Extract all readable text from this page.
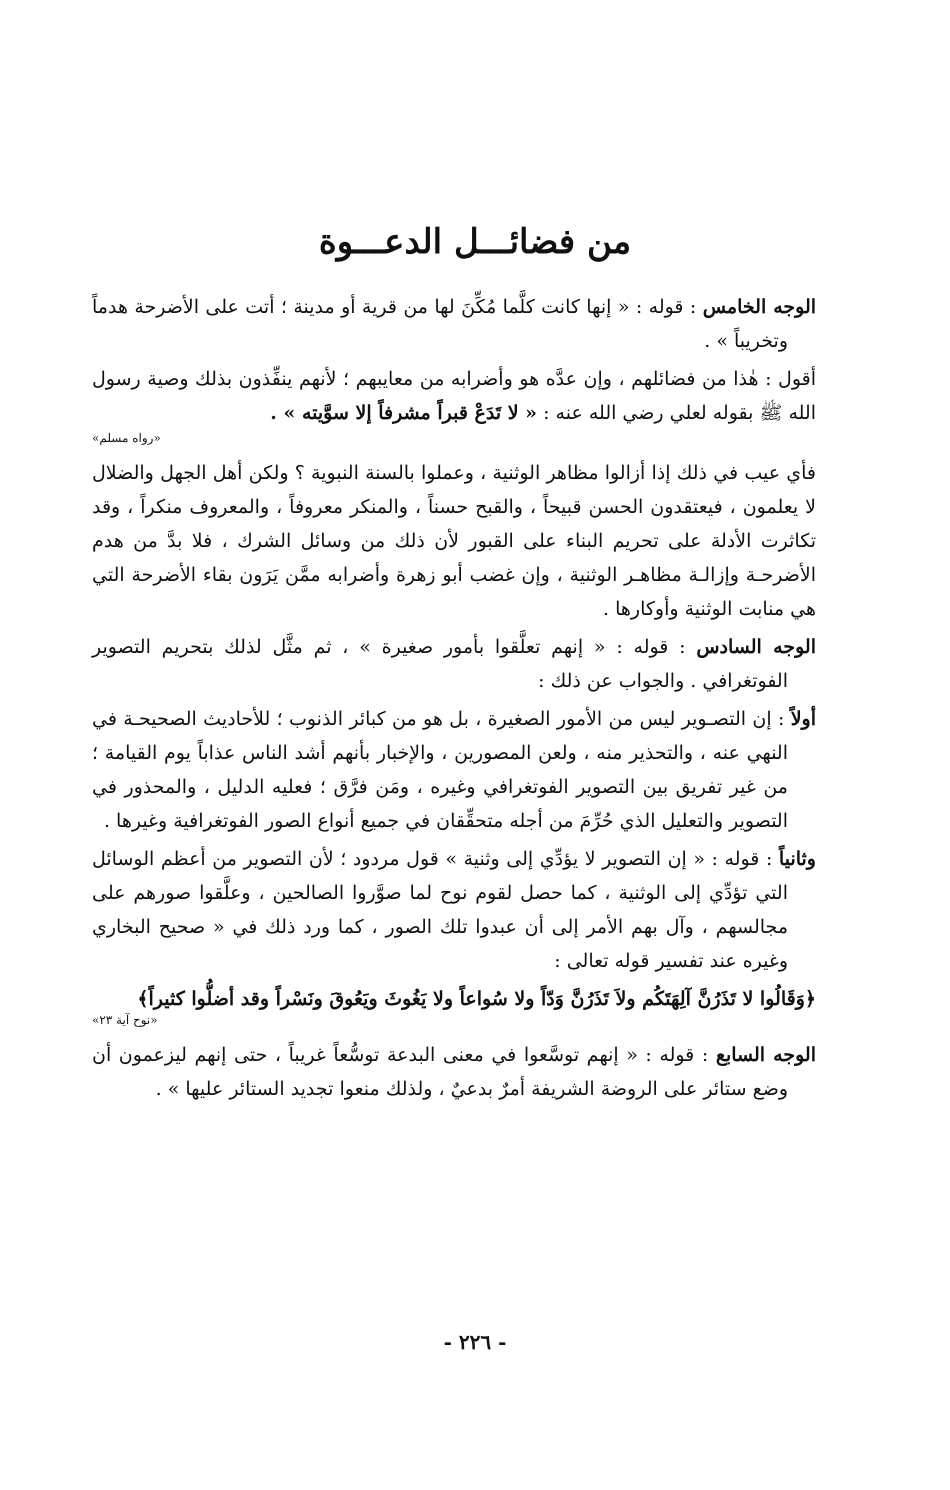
من فضائـــل الدعـــوة

الوجه الخامس : قوله : « إنها كانت كلَّما مُكِّنَ لها من قرية أو مدينة ؛ أتت على الأضرحة هدماً وتخريباً » .

أقول : هٰذا من فضائلهم ، وإن عدَّه هو وأضرابه من معايبهم ؛ لأنهم ينفِّذون بذلك وصية رسول الله ﷺ بقوله لعلي رضي الله عنه : « لا تَدَعْ قبراً مشرفاً إلا سوَّيته » .

«رواه مسلم»

فأي عيب في ذلك إذا أزالوا مظاهر الوثنية ، وعملوا بالسنة النبوية ؟ ولكن أهل الجهل والضلال لا يعلمون ، فيعتقدون الحسن قبيحاً ، والقبح حسناً ، والمنكر معروفاً ، والمعروف منكراً ، وقد تكاثرت الأدلة على تحريم البناء على القبور لأن ذلك من وسائل الشرك ، فلا بدَّ من هدم الأضرحـة وإزالـة مظاهـر الوثنية ، وإن غضب أبو زهرة وأضرابه ممَّن يَرَون بقاء الأضرحة التي هي منابت الوثنية وأوكارها .

الوجه السادس : قوله : « إنهم تعلَّقوا بأمور صغيرة » ، ثم مثَّل لذلك بتحريم التصوير الفوتغرافي . والجواب عن ذلك :

أولاً : إن التصـوير ليس من الأمور الصغيرة ، بل هو من كبائر الذنوب ؛ للأحاديث الصحيحـة في النهي عنه ، والتحذير منه ، ولعن المصورين ، والإخبار بأنهم أشد الناس عذاباً يوم القيامة ؛ من غير تفريق بين التصوير الفوتغرافي وغيره ، ومَن فرَّق ؛ فعليه الدليل ، والمحذور في التصوير والتعليل الذي حُرِّمَ من أجله متحقِّقان في جميع أنواع الصور الفوتغرافية وغيرها .

وثانياً : قوله : « إن التصوير لا يؤدِّي إلى وثنية » قول مردود ؛ لأن التصوير من أعظم الوسائل التي تؤدِّي إلى الوثنية ، كما حصل لقوم نوح لما صوَّروا الصالحين ، وعلَّقوا صورهم على مجالسهم ، وآل بهم الأمر إلى أن عبدوا تلك الصور ، كما ورد ذلك في « صحيح البخاري وغيره عند تفسير قوله تعالى :

﴿وَقَالُوا لا تَذَرُنَّ آلِهَتَكُم ولاَ تَذَرُنَّ وَدّاً ولا سُواعاً ولا يَغُوثَ ويَعُوقَ ونَسْراً وقد أضلُّوا كثيراً﴾
«نوح آية ٢٣»

الوجه السابع : قوله : « إنهم توسَّعوا في معنى البدعة توسُّعاً غريباً ، حتى إنهم ليزعمون أن وضع ستائر على الروضة الشريفة أمرٌ بدعيٌ ، ولذلك منعوا تجديد الستائر عليها » .

- ٢٢٦ -
